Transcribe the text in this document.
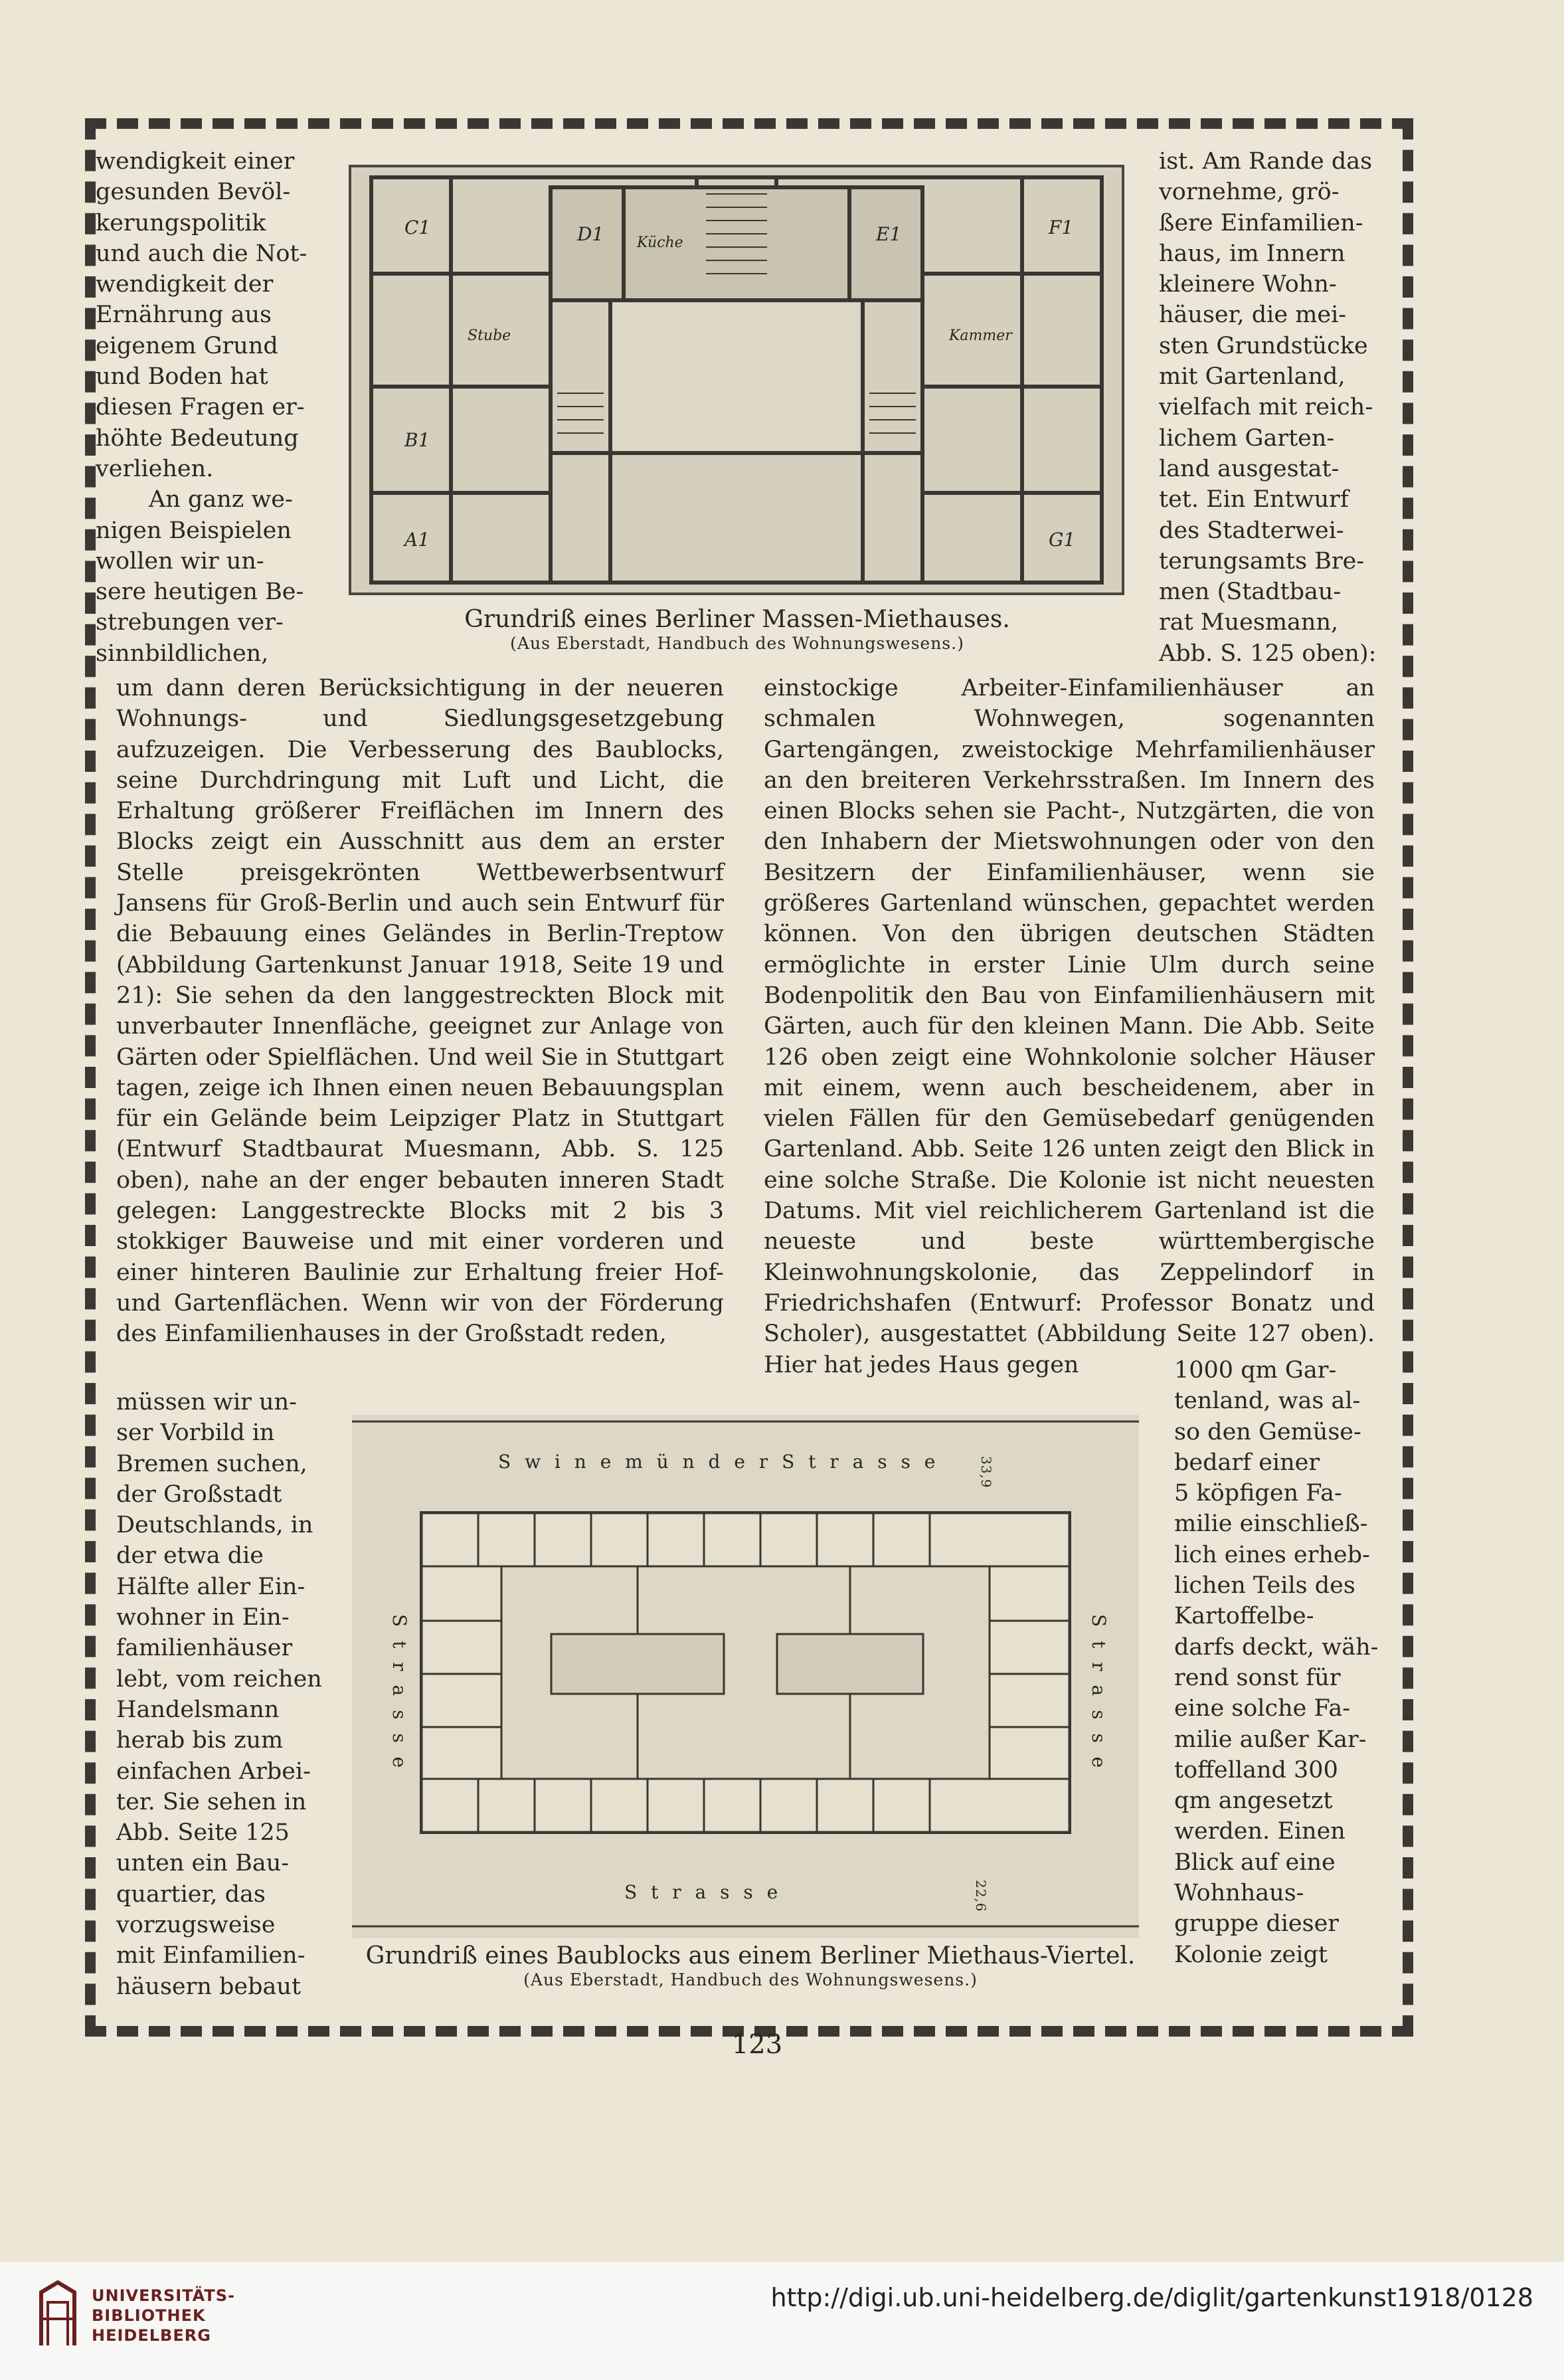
wendigkeit einer
gesunden Bevöl-
kerungspolitik
und auch die Not-
wendigkeit der
Ernährung aus
eigenem Grund
und Boden hat
diesen Fragen er-
höhte Bedeutung
verliehen.
An ganz we-
nigen Beispielen
wollen wir un-
sere heutigen Be-
strebungen ver-
sinnbildlichen,
ist. Am Rande das
vornehme, grö-
ßere Einfamilien-
haus, im Innern
kleinere Wohn-
häuser, die mei-
sten Grundstücke
mit Gartenland,
vielfach mit reich-
lichem Garten-
land ausgestat-
tet. Ein Entwurf
des Stadterwei-
terungsamts Bre-
men (Stadtbau-
rat Muesmann,
Abb. S. 125 oben):
C1	D1	E1	F1
B1
A1	G1
Stube
Küche
Kammer
Grundriß eines Berliner Massen-Miethauses.
(Aus Eberstadt, Handbuch des Wohnungswesens.)

um dann deren Berücksichtigung in der neueren Wohnungs- und Siedlungsgesetzgebung aufzuzeigen. Die Verbesserung des Baublocks, seine Durchdringung mit Luft und Licht, die Erhaltung größerer Freiflächen im Innern des Blocks zeigt ein Ausschnitt aus dem an erster Stelle preisgekrönten Wettbewerbsentwurf Jansens für Groß-Berlin und auch sein Entwurf für die Bebauung eines Geländes in Berlin-Treptow (Abbildung Gartenkunst Januar 1918, Seite 19 und 21): Sie sehen da den langgestreckten Block mit unverbauter Innenfläche, geeignet zur Anlage von Gärten oder Spielflächen. Und weil Sie in Stuttgart tagen, zeige ich Ihnen einen neuen Bebauungsplan für ein Gelände beim Leipziger Platz in Stuttgart (Entwurf Stadtbaurat Muesmann, Abb. S. 125 oben), nahe an der enger bebauten inneren Stadt gelegen: Langgestreckte Blocks mit 2 bis 3 stokkiger Bauweise und mit einer vorderen und einer hinteren Baulinie zur Erhaltung freier Hof- und Gartenflächen. Wenn wir von der Förderung des Einfamilienhauses in der Großstadt reden,

einstockige Arbeiter-Einfamilienhäuser an schmalen Wohnwegen, sogenannten Gartengängen, zweistockige Mehrfamilienhäuser an den breiteren Verkehrsstraßen. Im Innern des einen Blocks sehen sie Pacht-, Nutzgärten, die von den Inhabern der Mietswohnungen oder von den Besitzern der Einfamilienhäuser, wenn sie größeres Gartenland wünschen, gepachtet werden können. Von den übrigen deutschen Städten ermöglichte in erster Linie Ulm durch seine Bodenpolitik den Bau von Einfamilienhäusern mit Gärten, auch für den kleinen Mann. Die Abb. Seite 126 oben zeigt eine Wohnkolonie solcher Häuser mit einem, wenn auch bescheidenem, aber in vielen Fällen für den Gemüsebedarf genügenden Gartenland. Abb. Seite 126 unten zeigt den Blick in eine solche Straße. Die Kolonie ist nicht neuesten Datums. Mit viel reichlicherem Gartenland ist die neueste und beste württembergische Kleinwohnungskolonie, das Zeppelindorf in Friedrichshafen (Entwurf: Professor Bonatz und Scholer), ausgestattet (Abbildung Seite 127 oben). Hier hat jedes Haus gegen

müssen wir un-
ser Vorbild in
Bremen suchen,
der Großstadt
Deutschlands, in
der etwa die
Hälfte aller Ein-
wohner in Ein-
familienhäuser
lebt, vom reichen
Handelsmann
herab bis zum
einfachen Arbei-
ter. Sie sehen in
Abb. Seite 125
unten ein Bau-
quartier, das
vorzugsweise
mit Einfamilien-
häusern bebaut
1000 qm Gar-
tenland, was al-
so den Gemüse-
bedarf einer
5 köpfigen Fa-
milie einschließ-
lich eines erheb-
lichen Teils des
Kartoffelbe-
darfs deckt, wäh-
rend sonst für
eine solche Fa-
milie außer Kar-
toffelland 300
qm angesetzt
werden. Einen
Blick auf eine
Wohnhaus-
gruppe dieser
Kolonie zeigt
S w i n e m ü n d e r S t r a s s e
S t r a s s e
S t r a s s e	S t r a s s e
33,9
22,6
Grundriß eines Baublocks aus einem Berliner Miethaus-Viertel.
(Aus Eberstadt, Handbuch des Wohnungswesens.)
123
UNIVERSITÄTS-
BIBLIOTHEK
HEIDELBERG
http://digi.ub.uni-heidelberg.de/diglit/gartenkunst1918/0128
